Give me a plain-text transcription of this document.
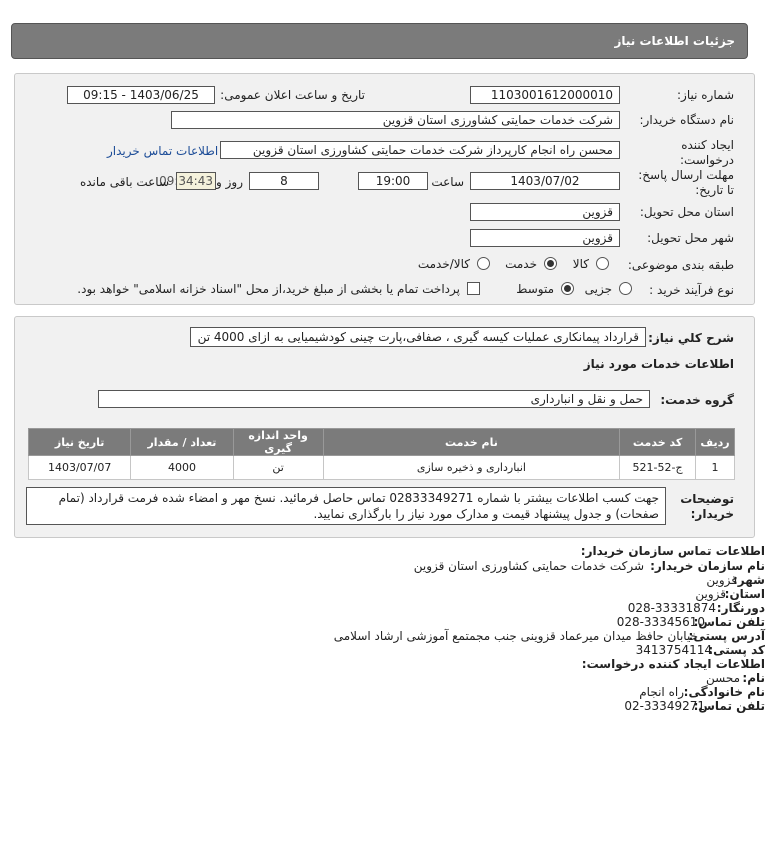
جزئیات اطلاعات نیاز
شماره نیاز:
1103001612000010
تاریخ و ساعت اعلان عمومی:
1403/06/25 - 09:15
نام دستگاه خریدار:
شرکت خدمات حمایتی کشاورزی استان قزوین
ایجاد کننده
درخواست:
محسن راه انجام کارپرداز شرکت خدمات حمایتی کشاورزی استان قزوین
اطلاعات تماس خریدار
مهلت ارسال پاسخ:
تا تاریخ:
1403/07/02
ساعت
19:00
8
روز و
09:34:43
ساعت باقی مانده
استان محل تحویل:
قزوین
شهر محل تحویل:
قزوین
طبقه بندی موضوعی:
کالا
خدمت
کالا/خدمت
نوع فرآیند خرید :
جزیی
متوسط
پرداخت تمام یا بخشی از مبلغ خرید،از محل "اسناد خزانه اسلامی" خواهد بود.
شرح کلي نياز:
قرارداد پیمانکاری عملیات کیسه گیری ، صفافی،پارت چینی کودشیمیایی به ازای 4000 تن
اطلاعات خدمات مورد نیاز
گروه خدمت:
حمل و نقل و انبارداری
ردیف	کد خدمت	نام خدمت	واحد اندازه گیری	تعداد / مقدار	تاریخ نیاز
1	ج-52-521	انبارداری و ذخیره سازی	تن	4000	1403/07/07
توضیحات
خریدار:
جهت کسب اطلاعات بیشتر با شماره 02833349271 تماس حاصل فرمائید. نسخ مهر و امضاء شده فرمت قرارداد (تمام صفحات) و جدول پیشنهاد قیمت و مدارک مورد نیاز را بارگذاری نمایید.
اطلاعات تماس سازمان خریدار:
نام سازمان خریدار:
شرکت خدمات حمایتی کشاورزی استان قزوین
شهر:
قزوین
استان:
قزوین
دورنگار:
028-33331874
تلفن تماس:
028-33345610
آدرس پستی:
خیابان حافظ میدان میرعماد قزوینی جنب مجمتمع آموزشی ارشاد اسلامی
کد پستی:
3413754114
اطلاعات ایجاد کننده درخواست:
نام:
محسن
نام خانوادگی:
راه انجام
تلفن تماس:
02-33349271
